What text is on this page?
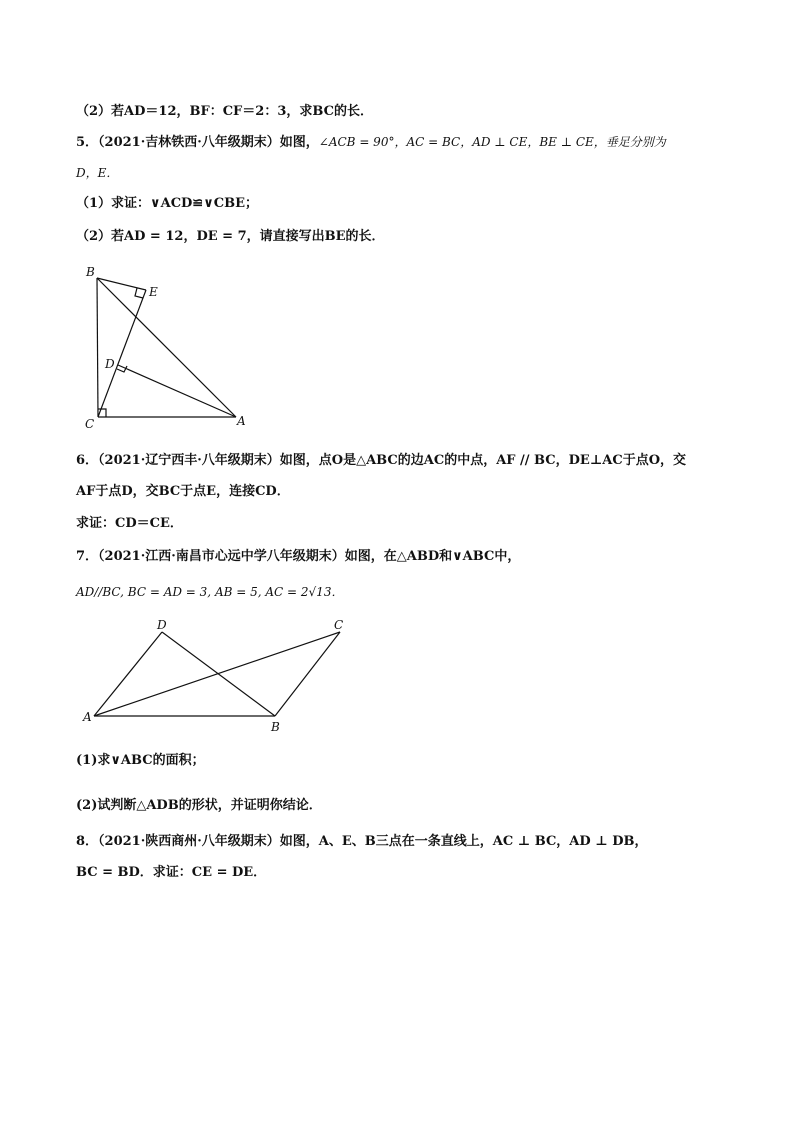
（2）若AD＝12，BF：CF＝2：3，求BC的长．
5．（2021·吉林铁西·八年级期末）如图，∠ACB = 90°，AC = BC，AD ⊥ CE，BE ⊥ CE，垂足分别为
D，E．
（1）求证：∨ACD≌∨CBE；
（2）若AD = 12，DE = 7，请直接写出BE的长．
B
E
D
C	A
6．（2021·辽宁西丰·八年级期末）如图，点O是△ABC的边AC的中点，AF // BC，DE⊥AC于点O，交
AF于点D，交BC于点E，连接CD．
求证：CD＝CE．
7．（2021·江西·南昌市心远中学八年级期末）如图，在△ABD和∨ABC中，
AD//BC, BC = AD = 3, AB = 5, AC = 2√13．
D	C
A
B
(1)求∨ABC的面积；
(2)试判断△ADB的形状，并证明你结论．
8．（2021·陕西商州·八年级期末）如图，A、E、B三点在一条直线上，AC ⊥ BC，AD ⊥ DB，
BC = BD．求证：CE = DE．
